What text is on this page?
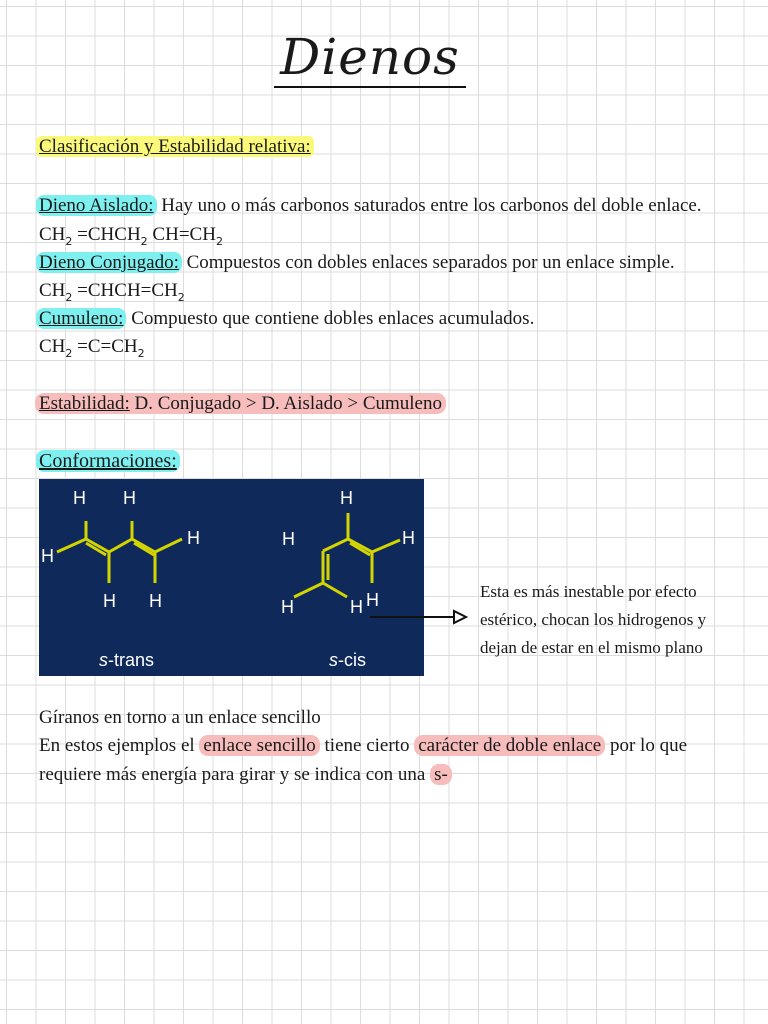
Dienos
Clasificación y Estabilidad relativa:
Dieno Aislado: Hay uno o más carbonos saturados entre los carbonos del doble enlace.
$CH_2$ $=CHCH_2$ $CH=CH_2$
Dieno Conjugado: Compuestos con dobles enlaces separados por un enlace simple.
$CH_2$ $=CHCH=CH_2$
Cumuleno: Compuesto que contiene dobles enlaces acumulados.
$CH_2 =C=CH_2$
Estabilidad: D. Conjugado > D. Aislado > Cumuleno
Conformaciones:
H H
H
H
H H
H
H	H
H	H H
s-trans	s-cis
Esta es más inestable por efecto
estérico, chocan los hidrogenos y
dejan de estar en el mismo plano
Gíranos en torno a un enlace sencillo
En estos ejemplos el enlace sencillo tiene cierto carácter de doble enlace por lo que
requiere más energía para girar y se indica con una s-
